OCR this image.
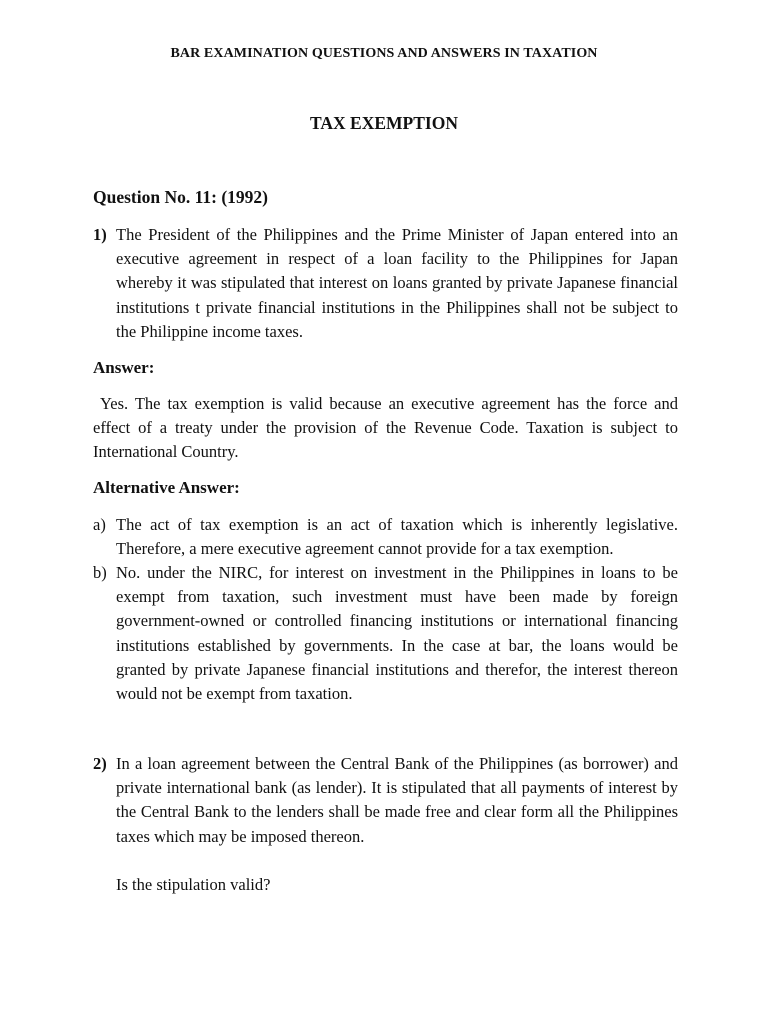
BAR EXAMINATION QUESTIONS AND ANSWERS IN TAXATION
TAX EXEMPTION
Question No. 11: (1992)
1) The President of the Philippines and the Prime Minister of Japan entered into an executive agreement in respect of a loan facility to the Philippines for Japan whereby it was stipulated that interest on loans granted by private Japanese financial institutions t private financial institutions in the Philippines shall not be subject to the Philippine income taxes.
Answer:
Yes. The tax exemption is valid because an executive agreement has the force and effect of a treaty under the provision of the Revenue Code. Taxation is subject to International Country.
Alternative Answer:
a) The act of tax exemption is an act of taxation which is inherently legislative. Therefore, a mere executive agreement cannot provide for a tax exemption.
b) No. under the NIRC, for interest on investment in the Philippines in loans to be exempt from taxation, such investment must have been made by foreign government-owned or controlled financing institutions or international financing institutions established by governments. In the case at bar, the loans would be granted by private Japanese financial institutions and therefor, the interest thereon would not be exempt from taxation.
2) In a loan agreement between the Central Bank of the Philippines (as borrower) and private international bank (as lender). It is stipulated that all payments of interest by the Central Bank to the lenders shall be made free and clear form all the Philippines taxes which may be imposed thereon.
Is the stipulation valid?
